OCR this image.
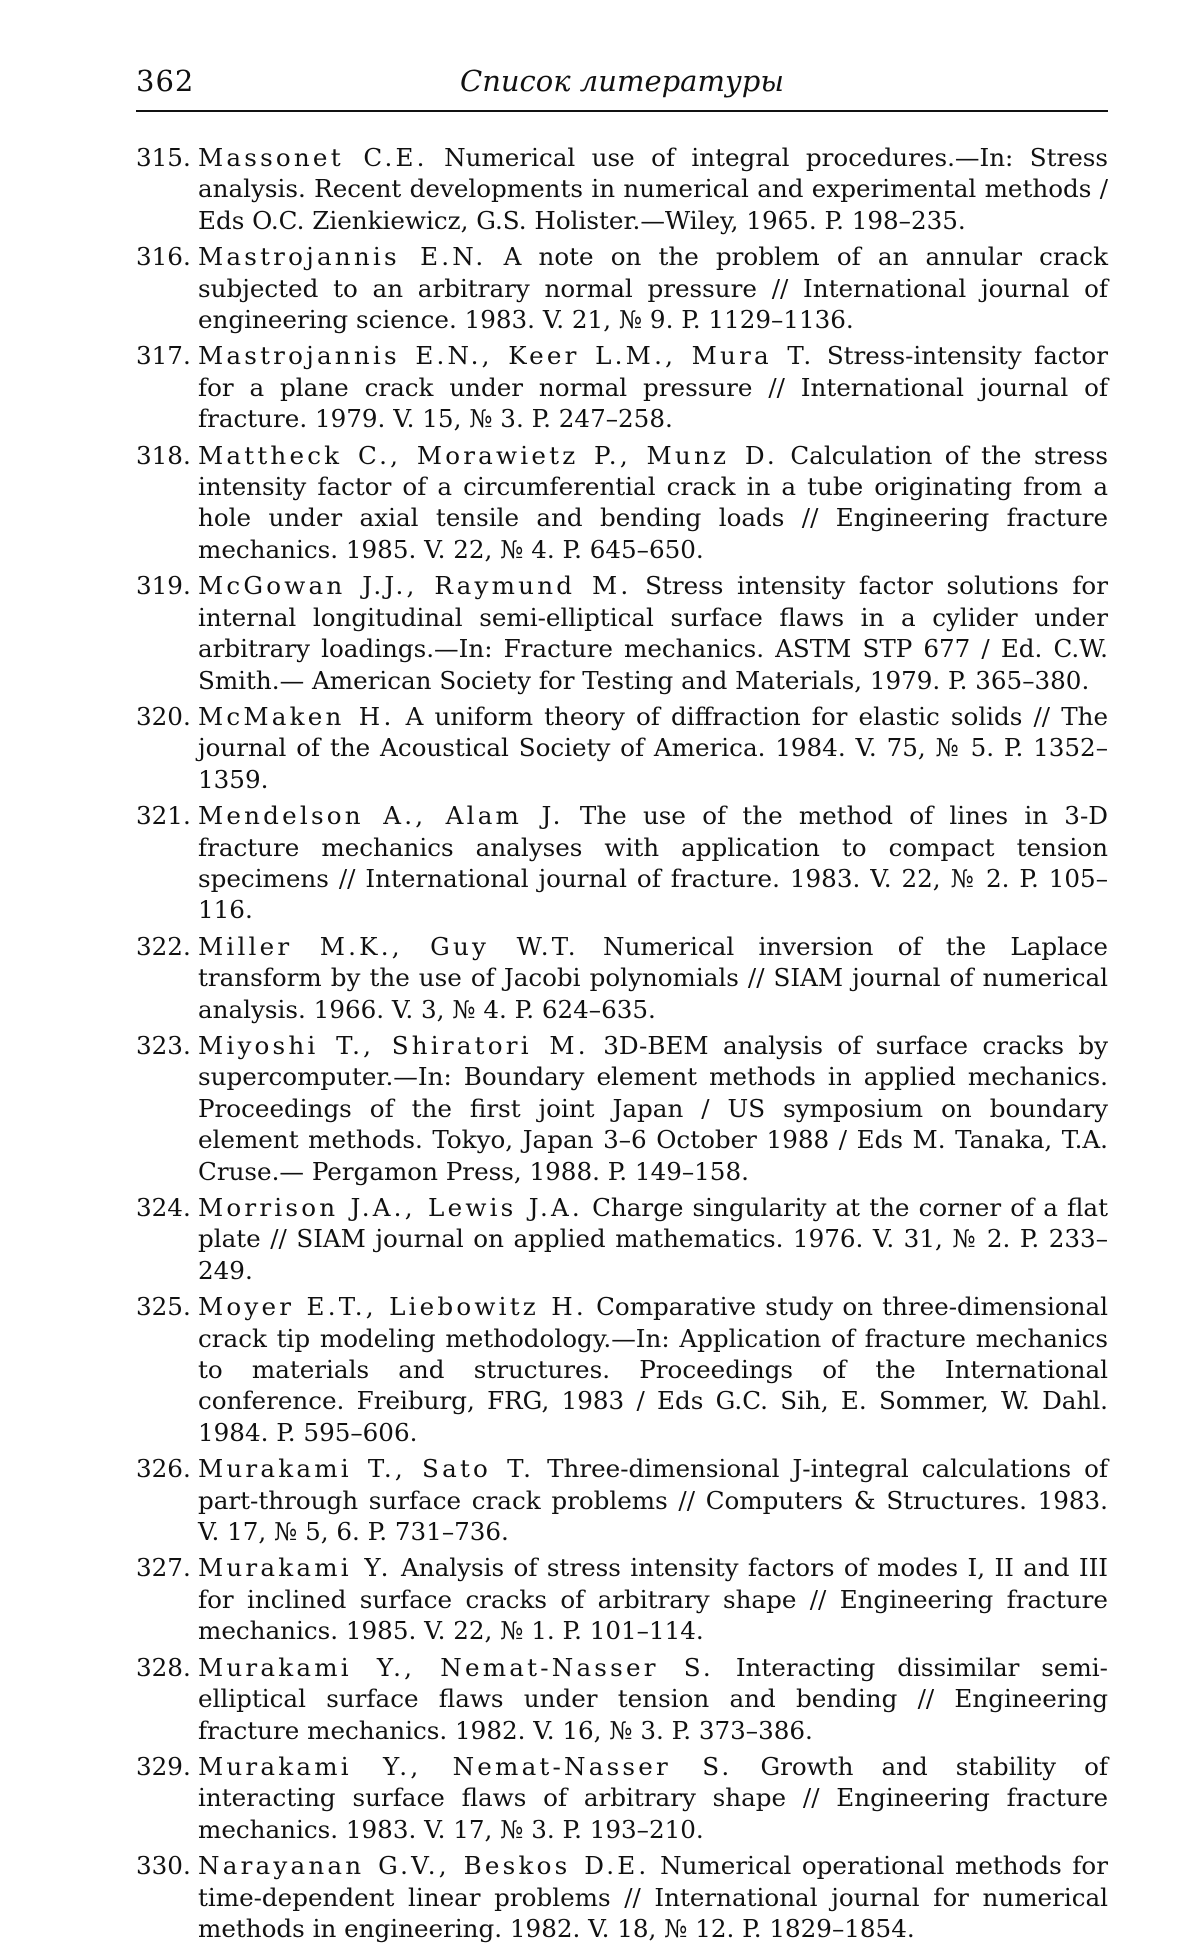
362	Список литературы
315. Massonet C.E. Numerical use of integral procedures.—In: Stress analysis. Recent developments in numerical and experimental methods / Eds O.C. Zienkiewicz, G.S. Holister.—Wiley, 1965. P. 198–235.
316. Mastrojannis E.N. A note on the problem of an annular crack subjected to an arbitrary normal pressure // International journal of engineering science. 1983. V. 21, № 9. P. 1129–1136.
317. Mastrojannis E.N., Keer L.M., Mura T. Stress-intensity factor for a plane crack under normal pressure // International journal of fracture. 1979. V. 15, № 3. P. 247–258.
318. Mattheck C., Morawietz P., Munz D. Calculation of the stress intensity factor of a circumferential crack in a tube originating from a hole under axial tensile and bending loads // Engineering fracture mechanics. 1985. V. 22, № 4. P. 645–650.
319. McGowan J.J., Raymund M. Stress intensity factor solutions for internal longitudinal semi-elliptical surface flaws in a cylider under arbitrary loadings.—In: Fracture mechanics. ASTM STP 677 / Ed. C.W. Smith.— American Society for Testing and Materials, 1979. P. 365–380.
320. McMaken H. A uniform theory of diffraction for elastic solids // The journal of the Acoustical Society of America. 1984. V. 75, № 5. P. 1352–1359.
321. Mendelson A., Alam J. The use of the method of lines in 3-D fracture mechanics analyses with application to compact tension specimens // International journal of fracture. 1983. V. 22, № 2. P. 105–116.
322. Miller M.K., Guy W.T. Numerical inversion of the Laplace transform by the use of Jacobi polynomials // SIAM journal of numerical analysis. 1966. V. 3, № 4. P. 624–635.
323. Miyoshi T., Shiratori M. 3D-BEM analysis of surface cracks by supercomputer.—In: Boundary element methods in applied mechanics. Proceedings of the first joint Japan / US symposium on boundary element methods. Tokyo, Japan 3–6 October 1988 / Eds M. Tanaka, T.A. Cruse.— Pergamon Press, 1988. P. 149–158.
324. Morrison J.A., Lewis J.A. Charge singularity at the corner of a flat plate // SIAM journal on applied mathematics. 1976. V. 31, № 2. P. 233–249.
325. Moyer E.T., Liebowitz H. Comparative study on three-dimensional crack tip modeling methodology.—In: Application of fracture mechanics to materials and structures. Proceedings of the International conference. Freiburg, FRG, 1983 / Eds G.C. Sih, E. Sommer, W. Dahl. 1984. P. 595–606.
326. Murakami T., Sato T. Three-dimensional J-integral calculations of part-through surface crack problems // Computers & Structures. 1983. V. 17, № 5, 6. P. 731–736.
327. Murakami Y. Analysis of stress intensity factors of modes I, II and III for inclined surface cracks of arbitrary shape // Engineering fracture mechanics. 1985. V. 22, № 1. P. 101–114.
328. Murakami Y., Nemat-Nasser S. Interacting dissimilar semi-elliptical surface flaws under tension and bending // Engineering fracture mechanics. 1982. V. 16, № 3. P. 373–386.
329. Murakami Y., Nemat-Nasser S. Growth and stability of interacting surface flaws of arbitrary shape // Engineering fracture mechanics. 1983. V. 17, № 3. P. 193–210.
330. Narayanan G.V., Beskos D.E. Numerical operational methods for time-dependent linear problems // International journal for numerical methods in engineering. 1982. V. 18, № 12. P. 1829–1854.
